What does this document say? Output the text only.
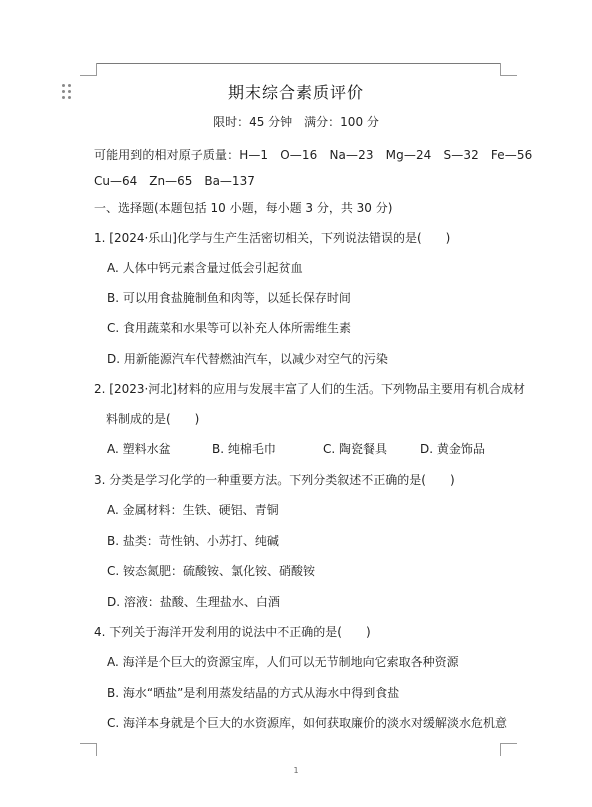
期末综合素质评价
限时：45 分钟 满分：100 分
可能用到的相对原子质量：H—1　O—16　Na—23　Mg—24　S—32　Fe—56
Cu—64　Zn—65　Ba—137
一、选择题(本题包括 10 小题，每小题 3 分，共 30 分)
1. [2024·乐山]化学与生产生活密切相关，下列说法错误的是(　　)
A. 人体中钙元素含量过低会引起贫血
B. 可以用食盐腌制鱼和肉等，以延长保存时间
C. 食用蔬菜和水果等可以补充人体所需维生素
D. 用新能源汽车代替燃油汽车，以减少对空气的污染
2. [2023·河北]材料的应用与发展丰富了人们的生活。下列物品主要用有机合成材
料制成的是(　　)
A. 塑料水盆	B. 纯棉毛巾	C. 陶瓷餐具	D. 黄金饰品
3. 分类是学习化学的一种重要方法。下列分类叙述不正确的是(　　)
A. 金属材料：生铁、硬铝、青铜
B. 盐类：苛性钠、小苏打、纯碱
C. 铵态氮肥：硫酸铵、氯化铵、硝酸铵
D. 溶液：盐酸、生理盐水、白酒
4. 下列关于海洋开发利用的说法中不正确的是(　　)
A. 海洋是个巨大的资源宝库，人们可以无节制地向它索取各种资源
B. 海水“晒盐”是利用蒸发结晶的方式从海水中得到食盐
C. 海洋本身就是个巨大的水资源库，如何获取廉价的淡水对缓解淡水危机意
1
